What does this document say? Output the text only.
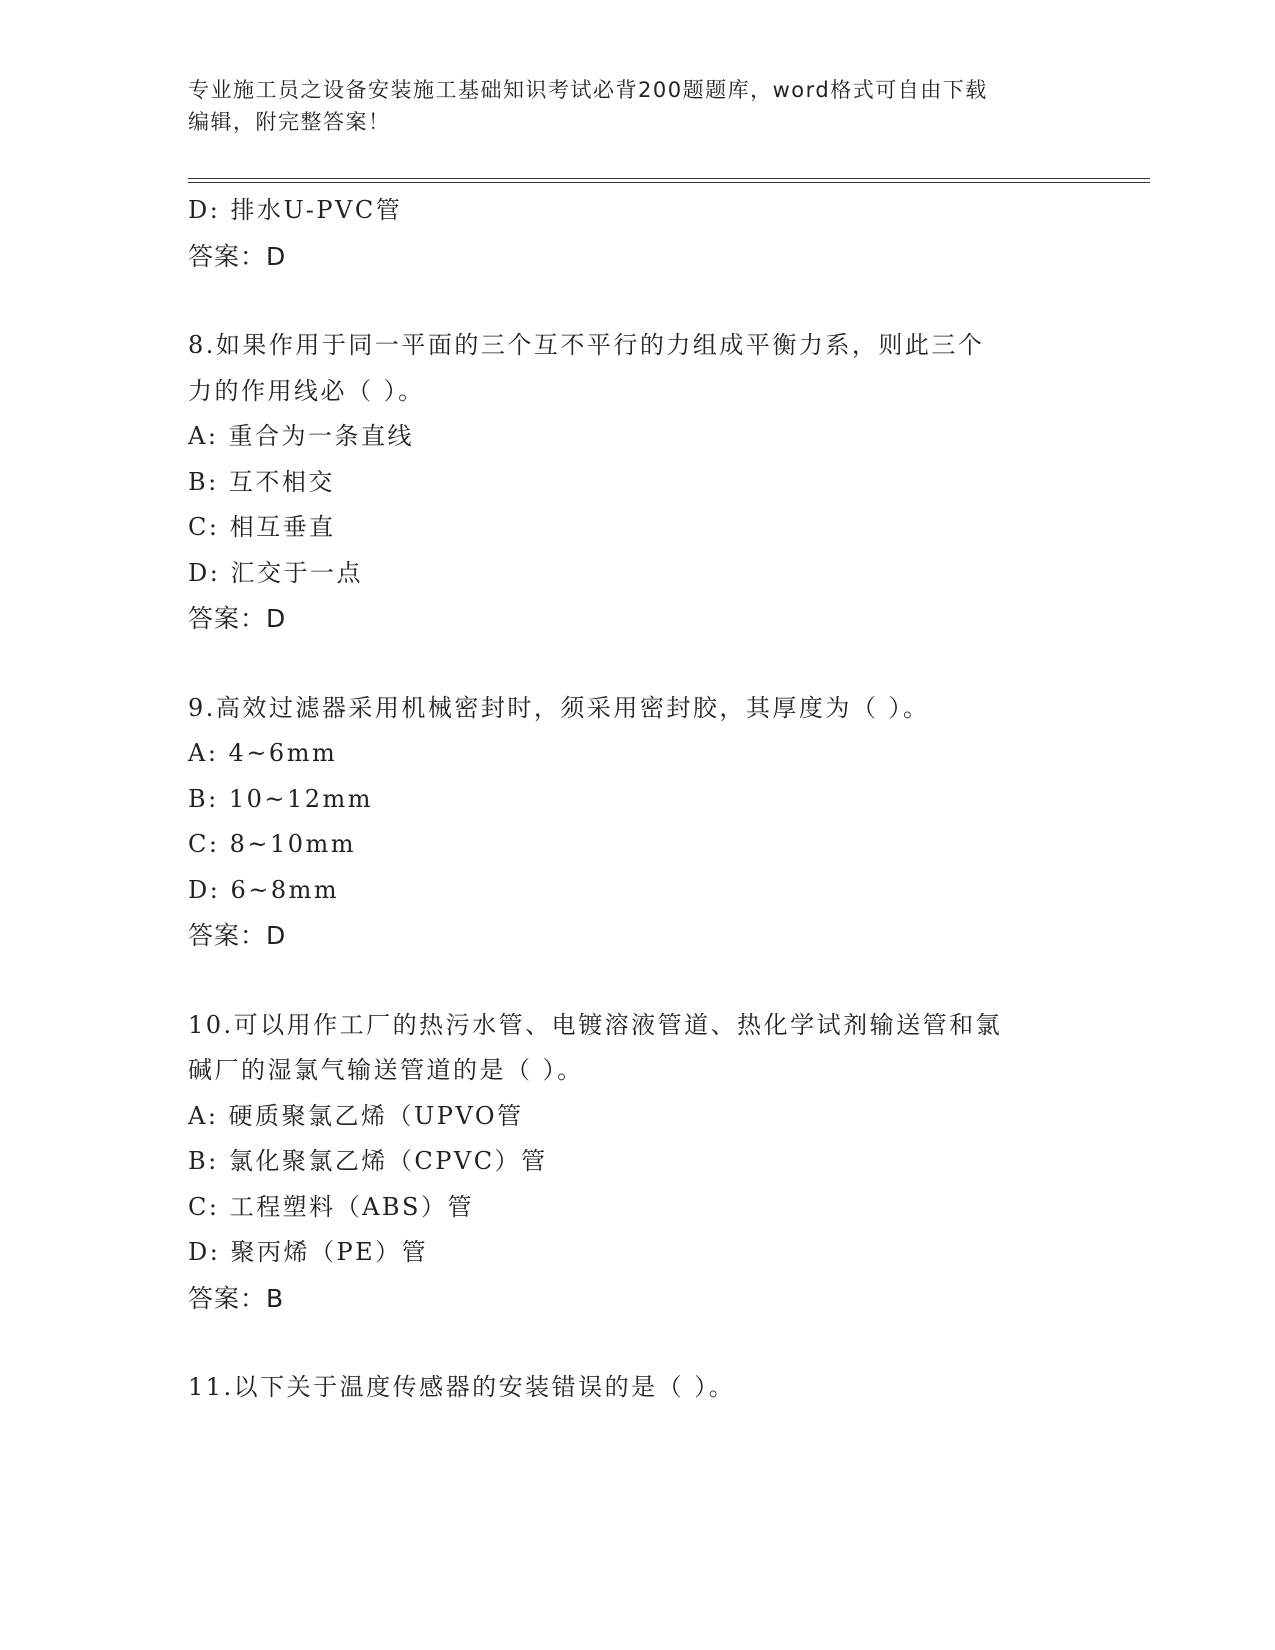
专业施工员之设备安装施工基础知识考试必背200题题库，word格式可自由下载
编辑，附完整答案！
D: 排水U-PVC管
答案：D
8.如果作用于同一平面的三个互不平行的力组成平衡力系，则此三个
力的作用线必（ ）。
A: 重合为一条直线
B: 互不相交
C: 相互垂直
D: 汇交于一点
答案：D
9.高效过滤器采用机械密封时，须采用密封胶，其厚度为（ ）。
A: 4~6mm
B: 10~12mm
C: 8~10mm
D: 6~8mm
答案：D
10.可以用作工厂的热污水管、电镀溶液管道、热化学试剂输送管和氯
碱厂的湿氯气输送管道的是（ ）。
A: 硬质聚氯乙烯（UPVO管
B: 氯化聚氯乙烯（CPVC）管
C: 工程塑料（ABS）管
D: 聚丙烯（PE）管
答案：B
11.以下关于温度传感器的安装错误的是（ ）。
